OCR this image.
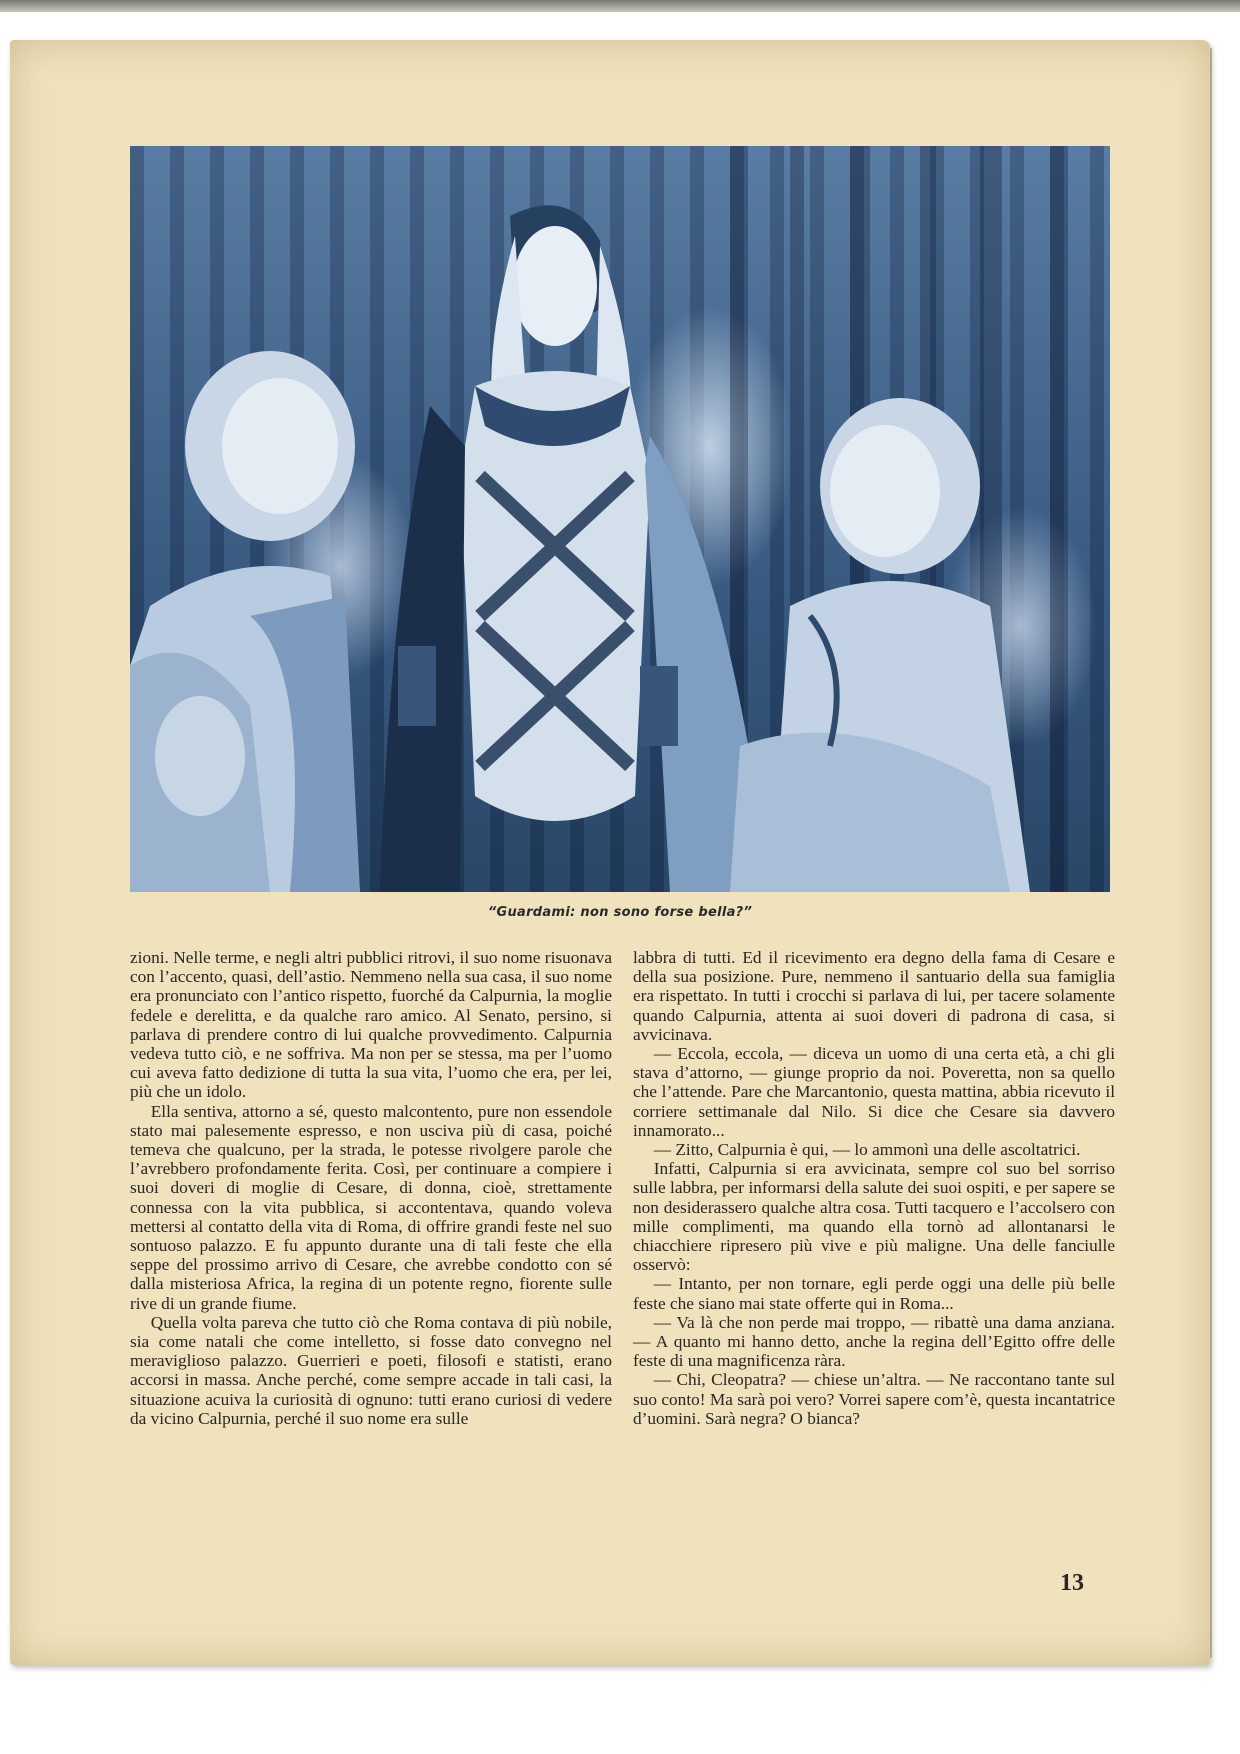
“Guardami: non sono forse bella?”

zioni. Nelle terme, e negli altri pubblici ritrovi, il suo nome risuonava con l’accento, quasi, dell’astio. Nemmeno nella sua casa, il suo nome era pronunciato con l’antico rispetto, fuorché da Calpurnia, la moglie fedele e derelitta, e da qualche raro amico. Al Senato, persino, si parlava di prendere contro di lui qualche provvedimento. Calpurnia vedeva tutto ciò, e ne soffriva. Ma non per se stessa, ma per l’uomo cui aveva fatto dedizione di tutta la sua vita, l’uomo che era, per lei, più che un idolo.

Ella sentiva, attorno a sé, questo malcontento, pure non essendole stato mai palesemente espresso, e non usciva più di casa, poiché temeva che qualcuno, per la strada, le potesse rivolgere parole che l’avrebbero profondamente ferita. Così, per continuare a compiere i suoi doveri di moglie di Cesare, di donna, cioè, strettamente connessa con la vita pubblica, si accontentava, quando voleva mettersi al contatto della vita di Roma, di offrire grandi feste nel suo sontuoso palazzo. E fu appunto durante una di tali feste che ella seppe del prossimo arrivo di Cesare, che avrebbe condotto con sé dalla misteriosa Africa, la regina di un potente regno, fiorente sulle rive di un grande fiume.

Quella volta pareva che tutto ciò che Roma contava di più nobile, sia come natali che come intelletto, si fosse dato convegno nel meraviglioso palazzo. Guerrieri e poeti, filosofi e statisti, erano accorsi in massa. Anche perché, come sempre accade in tali casi, la situazione acuiva la curiosità di ognuno: tutti erano curiosi di vedere da vicino Calpurnia, perché il suo nome era sulle

labbra di tutti. Ed il ricevimento era degno della fama di Cesare e della sua posizione. Pure, nemmeno il santuario della sua famiglia era rispettato. In tutti i crocchi si parlava di lui, per tacere solamente quando Calpurnia, attenta ai suoi doveri di padrona di casa, si avvicinava.

— Eccola, eccola, — diceva un uomo di una certa età, a chi gli stava d’attorno, — giunge proprio da noi. Poveretta, non sa quello che l’attende. Pare che Marcantonio, questa mattina, abbia ricevuto il corriere settimanale dal Nilo. Si dice che Cesare sia davvero innamorato...

— Zitto, Calpurnia è qui, — lo ammonì una delle ascoltatrici.

Infatti, Calpurnia si era avvicinata, sempre col suo bel sorriso sulle labbra, per informarsi della salute dei suoi ospiti, e per sapere se non desiderassero qualche altra cosa. Tutti tacquero e l’accolsero con mille complimenti, ma quando ella tornò ad allontanarsi le chiacchiere ripresero più vive e più maligne. Una delle fanciulle osservò:

— Intanto, per non tornare, egli perde oggi una delle più belle feste che siano mai state offerte qui in Roma...

— Va là che non perde mai troppo, — ribattè una dama anziana. — A quanto mi hanno detto, anche la regina dell’Egitto offre delle feste di una magnificenza ràra.

— Chi, Cleopatra? — chiese un’altra. — Ne raccontano tante sul suo conto! Ma sarà poi vero? Vorrei sapere com’è, questa incantatrice d’uomini. Sarà negra? O bianca?

13
